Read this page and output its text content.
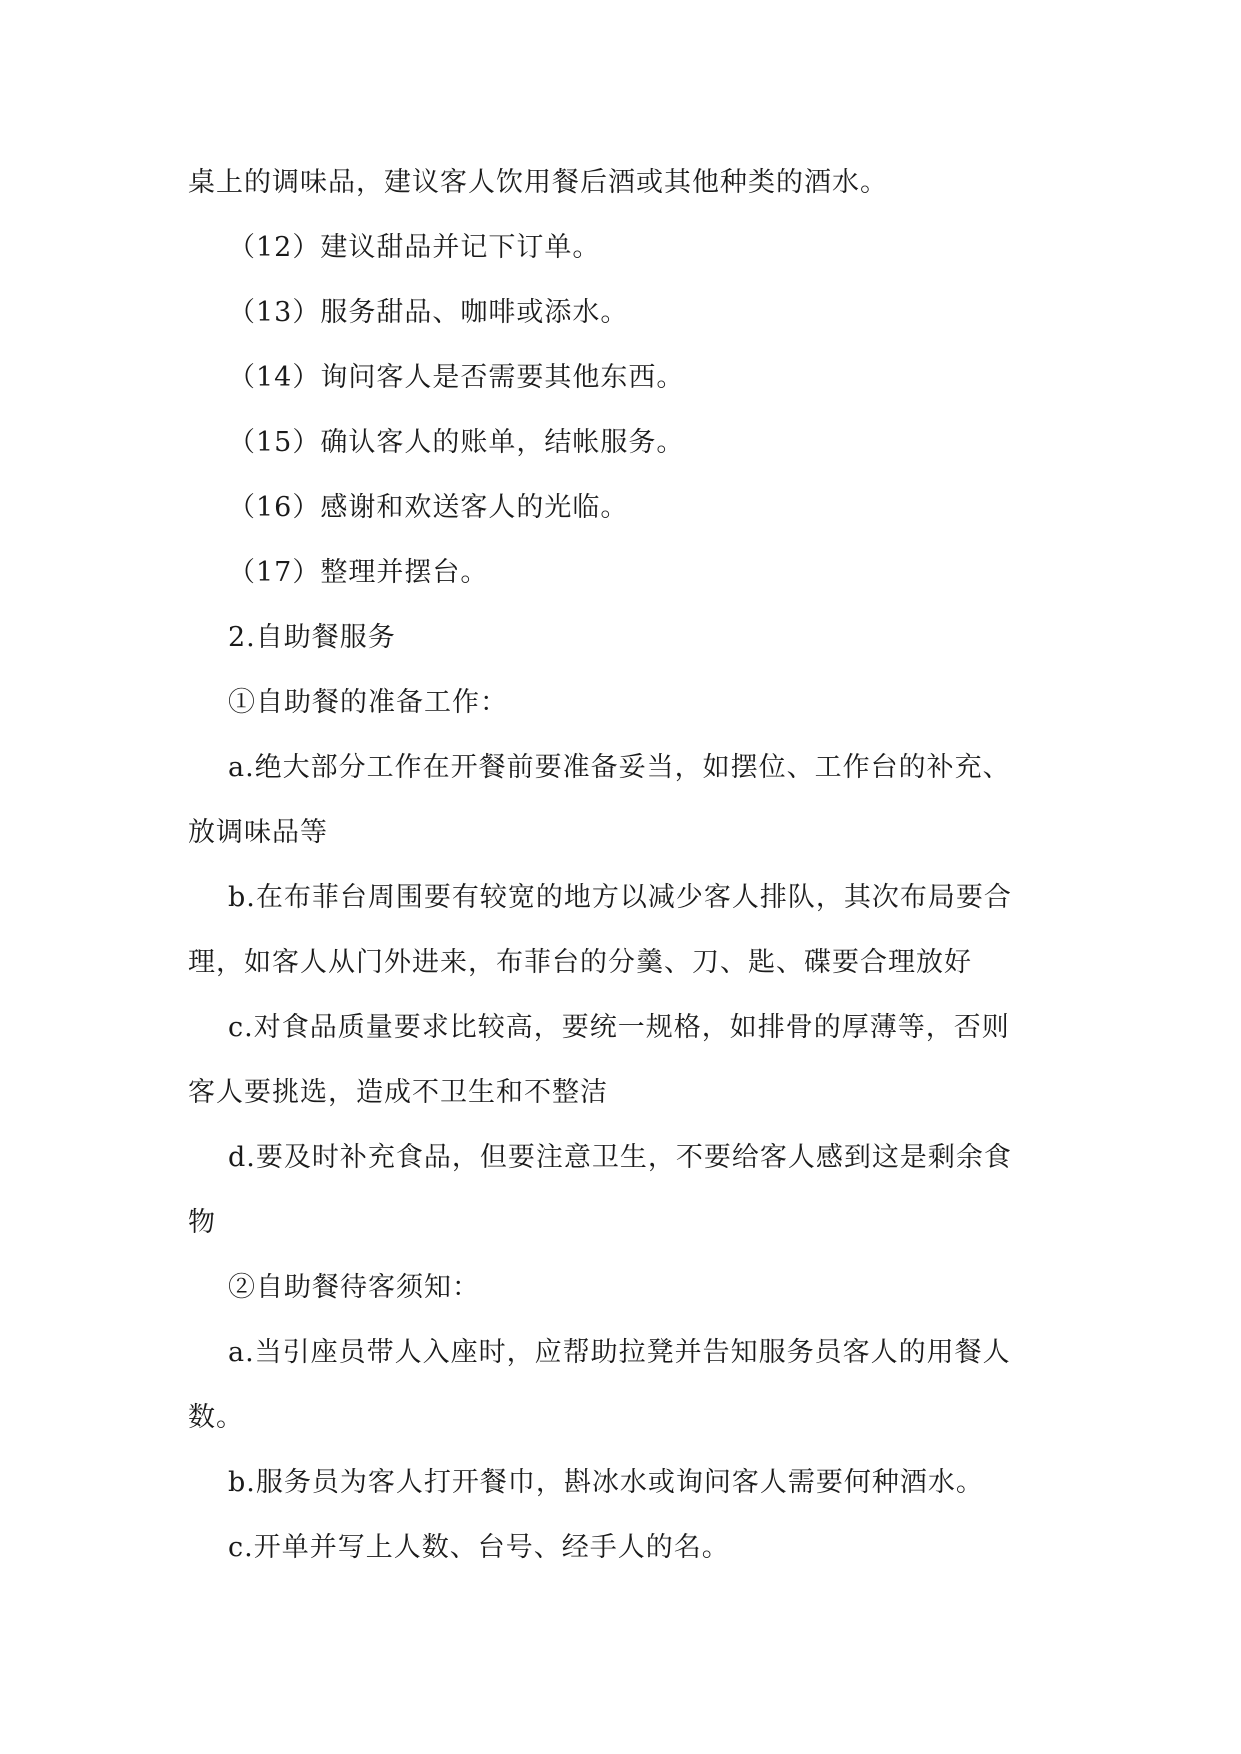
桌上的调味品，建议客人饮用餐后酒或其他种类的酒水。
（12）建议甜品并记下订单。
（13）服务甜品、咖啡或添水。
（14）询问客人是否需要其他东西。
（15）确认客人的账单，结帐服务。
（16）感谢和欢送客人的光临。
（17）整理并摆台。
2.自助餐服务
①自助餐的准备工作：
a.绝大部分工作在开餐前要准备妥当，如摆位、工作台的补充、
放调味品等
b.在布菲台周围要有较宽的地方以减少客人排队，其次布局要合
理，如客人从门外进来，布菲台的分羹、刀、匙、碟要合理放好
c.对食品质量要求比较高，要统一规格，如排骨的厚薄等，否则
客人要挑选，造成不卫生和不整洁
d.要及时补充食品，但要注意卫生，不要给客人感到这是剩余食
物
②自助餐待客须知：
a.当引座员带人入座时，应帮助拉凳并告知服务员客人的用餐人
数。
b.服务员为客人打开餐巾，斟冰水或询问客人需要何种酒水。
c.开单并写上人数、台号、经手人的名。
